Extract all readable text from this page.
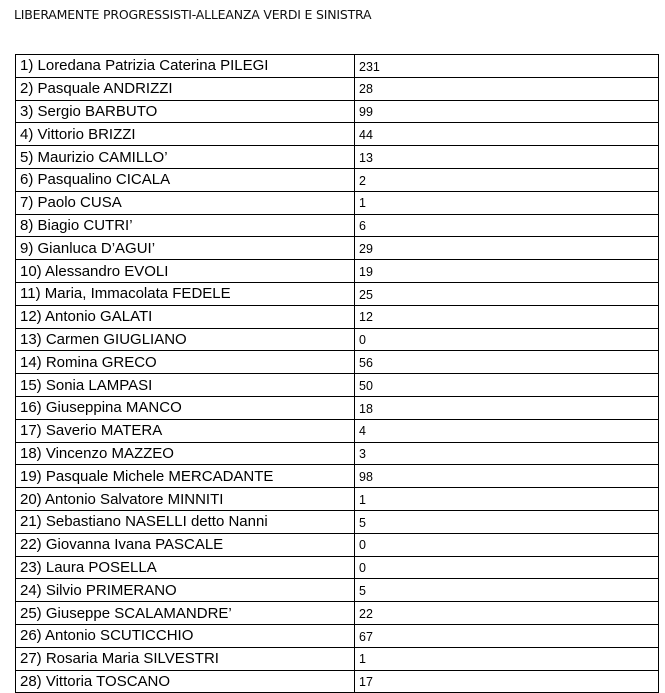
LIBERAMENTE PROGRESSISTI-ALLEANZA VERDI E SINISTRA
1) Loredana Patrizia Caterina PILEGI	231
2) Pasquale ANDRIZZI	28
3) Sergio BARBUTO	99
4) Vittorio BRIZZI	44
5) Maurizio CAMILLO’	13
6) Pasqualino CICALA	2
7) Paolo CUSA	1
8) Biagio CUTRI’	6
9) Gianluca D’AGUI’	29
10) Alessandro EVOLI	19
11) Maria, Immacolata FEDELE	25
12) Antonio GALATI	12
13) Carmen GIUGLIANO	0
14) Romina GRECO	56
15) Sonia LAMPASI	50
16) Giuseppina MANCO	18
17) Saverio MATERA	4
18) Vincenzo MAZZEO	3
19) Pasquale Michele MERCADANTE	98
20) Antonio Salvatore MINNITI	1
21) Sebastiano NASELLI detto Nanni	5
22) Giovanna Ivana PASCALE	0
23) Laura POSELLA	0
24) Silvio PRIMERANO	5
25) Giuseppe SCALAMANDRE’	22
26) Antonio SCUTICCHIO	67
27) Rosaria Maria SILVESTRI	1
28) Vittoria TOSCANO	17
